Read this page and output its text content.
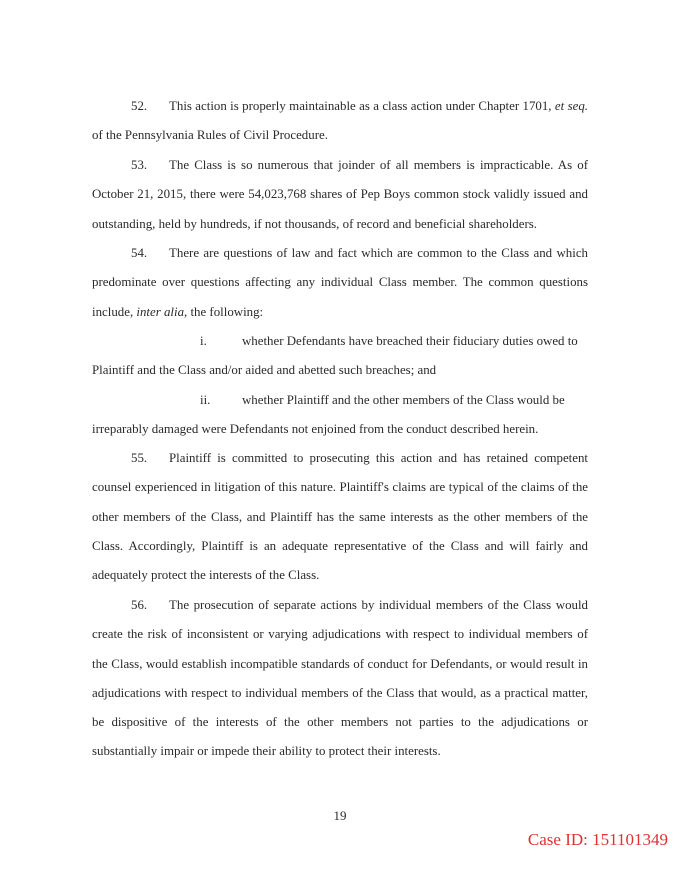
52. This action is properly maintainable as a class action under Chapter 1701, et seq. of the Pennsylvania Rules of Civil Procedure.

53. The Class is so numerous that joinder of all members is impracticable. As of October 21, 2015, there were 54,023,768 shares of Pep Boys common stock validly issued and outstanding, held by hundreds, if not thousands, of record and beneficial shareholders.

54. There are questions of law and fact which are common to the Class and which predominate over questions affecting any individual Class member. The common questions include, inter alia, the following:

i.	whether Defendants have breached their fiduciary duties owed to Plaintiff and the Class and/or aided and abetted such breaches; and

ii. whether Plaintiff and the other members of the Class would be irreparably damaged were Defendants not enjoined from the conduct described herein.

55. Plaintiff is committed to prosecuting this action and has retained competent counsel experienced in litigation of this nature. Plaintiff's claims are typical of the claims of the other members of the Class, and Plaintiff has the same interests as the other members of the Class. Accordingly, Plaintiff is an adequate representative of the Class and will fairly and adequately protect the interests of the Class.

56. The prosecution of separate actions by individual members of the Class would create the risk of inconsistent or varying adjudications with respect to individual members of the Class, would establish incompatible standards of conduct for Defendants, or would result in adjudications with respect to individual members of the Class that would, as a practical matter, be dispositive of the interests of the other members not parties to the adjudications or substantially impair or impede their ability to protect their interests.

19
Case ID: 151101349
